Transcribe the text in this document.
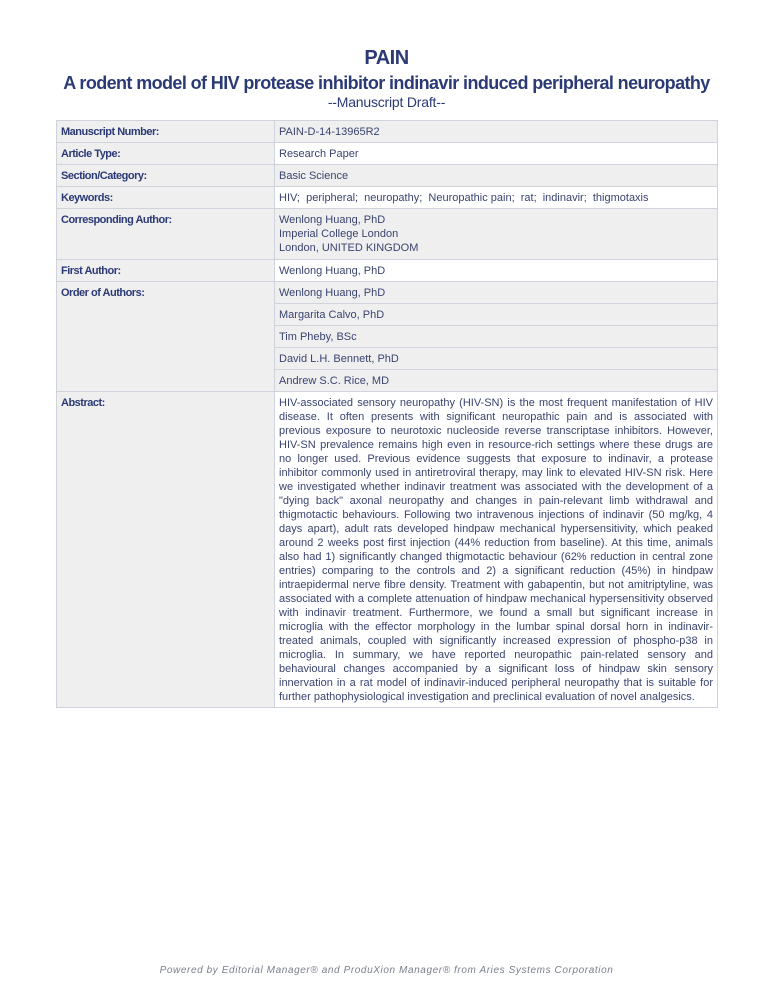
PAIN
A rodent model of HIV protease inhibitor indinavir induced peripheral neuropathy
--Manuscript Draft--
Manuscript Number:	PAIN-D-14-13965R2
Article Type:	Research Paper
Section/Category:	Basic Science
Keywords:	HIV;  peripheral;  neuropathy;  Neuropathic pain;  rat;  indinavir;  thigmotaxis
Corresponding Author:	Wenlong Huang, PhD
Imperial College London
London, UNITED KINGDOM

First Author:	Wenlong Huang, PhD
Order of Authors:	Wenlong Huang, PhD
	Margarita Calvo, PhD
	Tim Pheby, BSc
	David L.H. Bennett, PhD
	Andrew S.C. Rice, MD
Abstract:	HIV-associated sensory neuropathy (HIV-SN) is the most frequent manifestation of HIV disease. It often presents with significant neuropathic pain and is associated with previous exposure to neurotoxic nucleoside reverse transcriptase inhibitors. However, HIV-SN prevalence remains high even in resource-rich settings where these drugs are no longer used. Previous evidence suggests that exposure to indinavir, a protease inhibitor commonly used in antiretroviral therapy, may link to elevated HIV-SN risk. Here we investigated whether indinavir treatment was associated with the development of a "dying back" axonal neuropathy and changes in pain-relevant limb withdrawal and thigmotactic behaviours. Following two intravenous injections of indinavir (50 mg/kg, 4 days apart), adult rats developed hindpaw mechanical hypersensitivity, which peaked around 2 weeks post first injection (44% reduction from baseline). At this time, animals also had 1) significantly changed thigmotactic behaviour (62% reduction in central zone entries) comparing to the controls and 2) a significant reduction (45%) in hindpaw intraepidermal nerve fibre density. Treatment with gabapentin, but not amitriptyline, was associated with a complete attenuation of hindpaw mechanical hypersensitivity observed with indinavir treatment. Furthermore, we found a small but significant increase in microglia with the effector morphology in the lumbar spinal dorsal horn in indinavir-treated animals, coupled with significantly increased expression of phospho-p38 in microglia. In summary, we have reported neuropathic pain-related sensory and behavioural changes accompanied by a significant loss of hindpaw skin sensory innervation in a rat model of indinavir-induced peripheral neuropathy that is suitable for further pathophysiological investigation and preclinical evaluation of novel analgesics.
Powered by Editorial Manager® and ProduXion Manager® from Aries Systems Corporation
